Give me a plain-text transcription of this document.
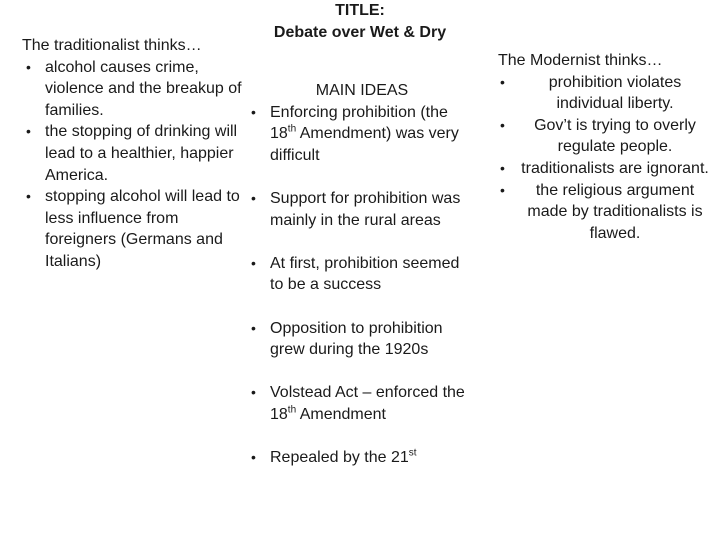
The traditionalist thinks…
• alcohol causes crime, violence and the breakup of families.
• the stopping of drinking will lead to a healthier, happier America.
• stopping alcohol will lead to less influence from foreigners (Germans and Italians)
TITLE:
Debate over Wet & Dry
MAIN IDEAS
• Enforcing prohibition (the 18th Amendment) was very difficult
• Support for prohibition was mainly in the rural areas
• At first, prohibition seemed to be a success
• Opposition to prohibition grew during the 1920s
• Volstead Act – enforced the 18th Amendment
• Repealed by the 21st
The Modernist thinks…
• prohibition violates individual liberty.
• Gov’t is trying to overly regulate people.
• traditionalists are ignorant.
• the religious argument made by traditionalists is flawed.
